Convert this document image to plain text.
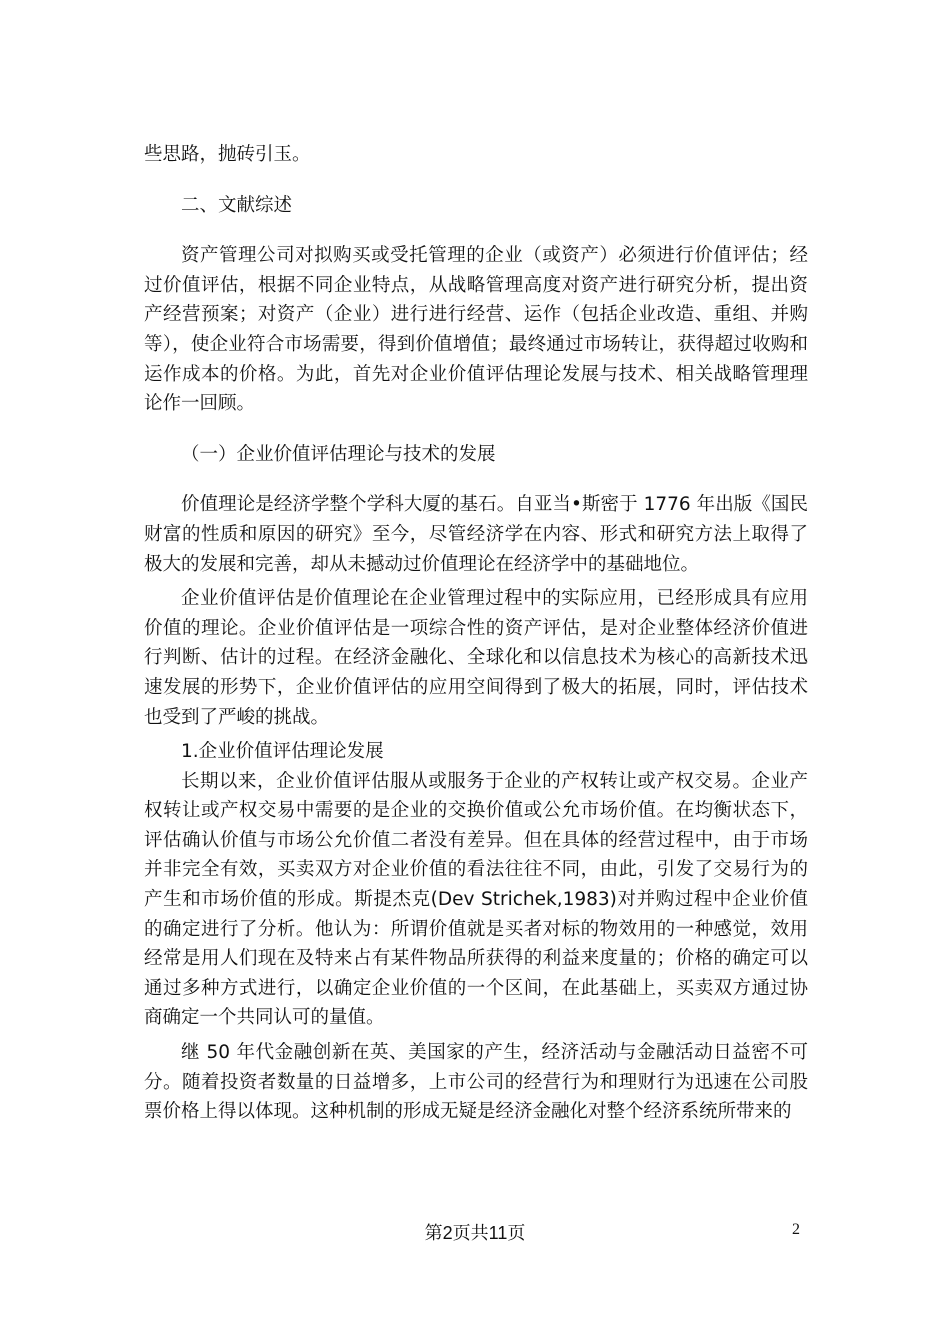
些思路，抛砖引玉。

二、文献综述

资产管理公司对拟购买或受托管理的企业（或资产）必须进行价值评估；经过价值评估，根据不同企业特点，从战略管理高度对资产进行研究分析，提出资产经营预案；对资产（企业）进行进行经营、运作（包括企业改造、重组、并购等），使企业符合市场需要，得到价值增值；最终通过市场转让，获得超过收购和运作成本的价格。为此，首先对企业价值评估理论发展与技术、相关战略管理理论作一回顾。

（一）企业价值评估理论与技术的发展

价值理论是经济学整个学科大厦的基石。自亚当•斯密于 1776 年出版《国民财富的性质和原因的研究》至今，尽管经济学在内容、形式和研究方法上取得了极大的发展和完善，却从未撼动过价值理论在经济学中的基础地位。

企业价值评估是价值理论在企业管理过程中的实际应用，已经形成具有应用价值的理论。企业价值评估是一项综合性的资产评估，是对企业整体经济价值进行判断、估计的过程。在经济金融化、全球化和以信息技术为核心的高新技术迅速发展的形势下，企业价值评估的应用空间得到了极大的拓展，同时，评估技术也受到了严峻的挑战。

1.企业价值评估理论发展

长期以来，企业价值评估服从或服务于企业的产权转让或产权交易。企业产权转让或产权交易中需要的是企业的交换价值或公允市场价值。在均衡状态下，评估确认价值与市场公允价值二者没有差异。但在具体的经营过程中，由于市场并非完全有效，买卖双方对企业价值的看法往往不同，由此，引发了交易行为的产生和市场价值的形成。斯提杰克(Dev Strichek,1983)对并购过程中企业价值的确定进行了分析。他认为：所谓价值就是买者对标的物效用的一种感觉，效用经常是用人们现在及特来占有某件物品所获得的利益来度量的；价格的确定可以通过多种方式进行，以确定企业价值的一个区间，在此基础上，买卖双方通过协商确定一个共同认可的量值。

继 50 年代金融创新在英、美国家的产生，经济活动与金融活动日益密不可分。随着投资者数量的日益增多，上市公司的经营行为和理财行为迅速在公司股票价格上得以体现。这种机制的形成无疑是经济金融化对整个经济系统所带来的

第2页共11页	2
